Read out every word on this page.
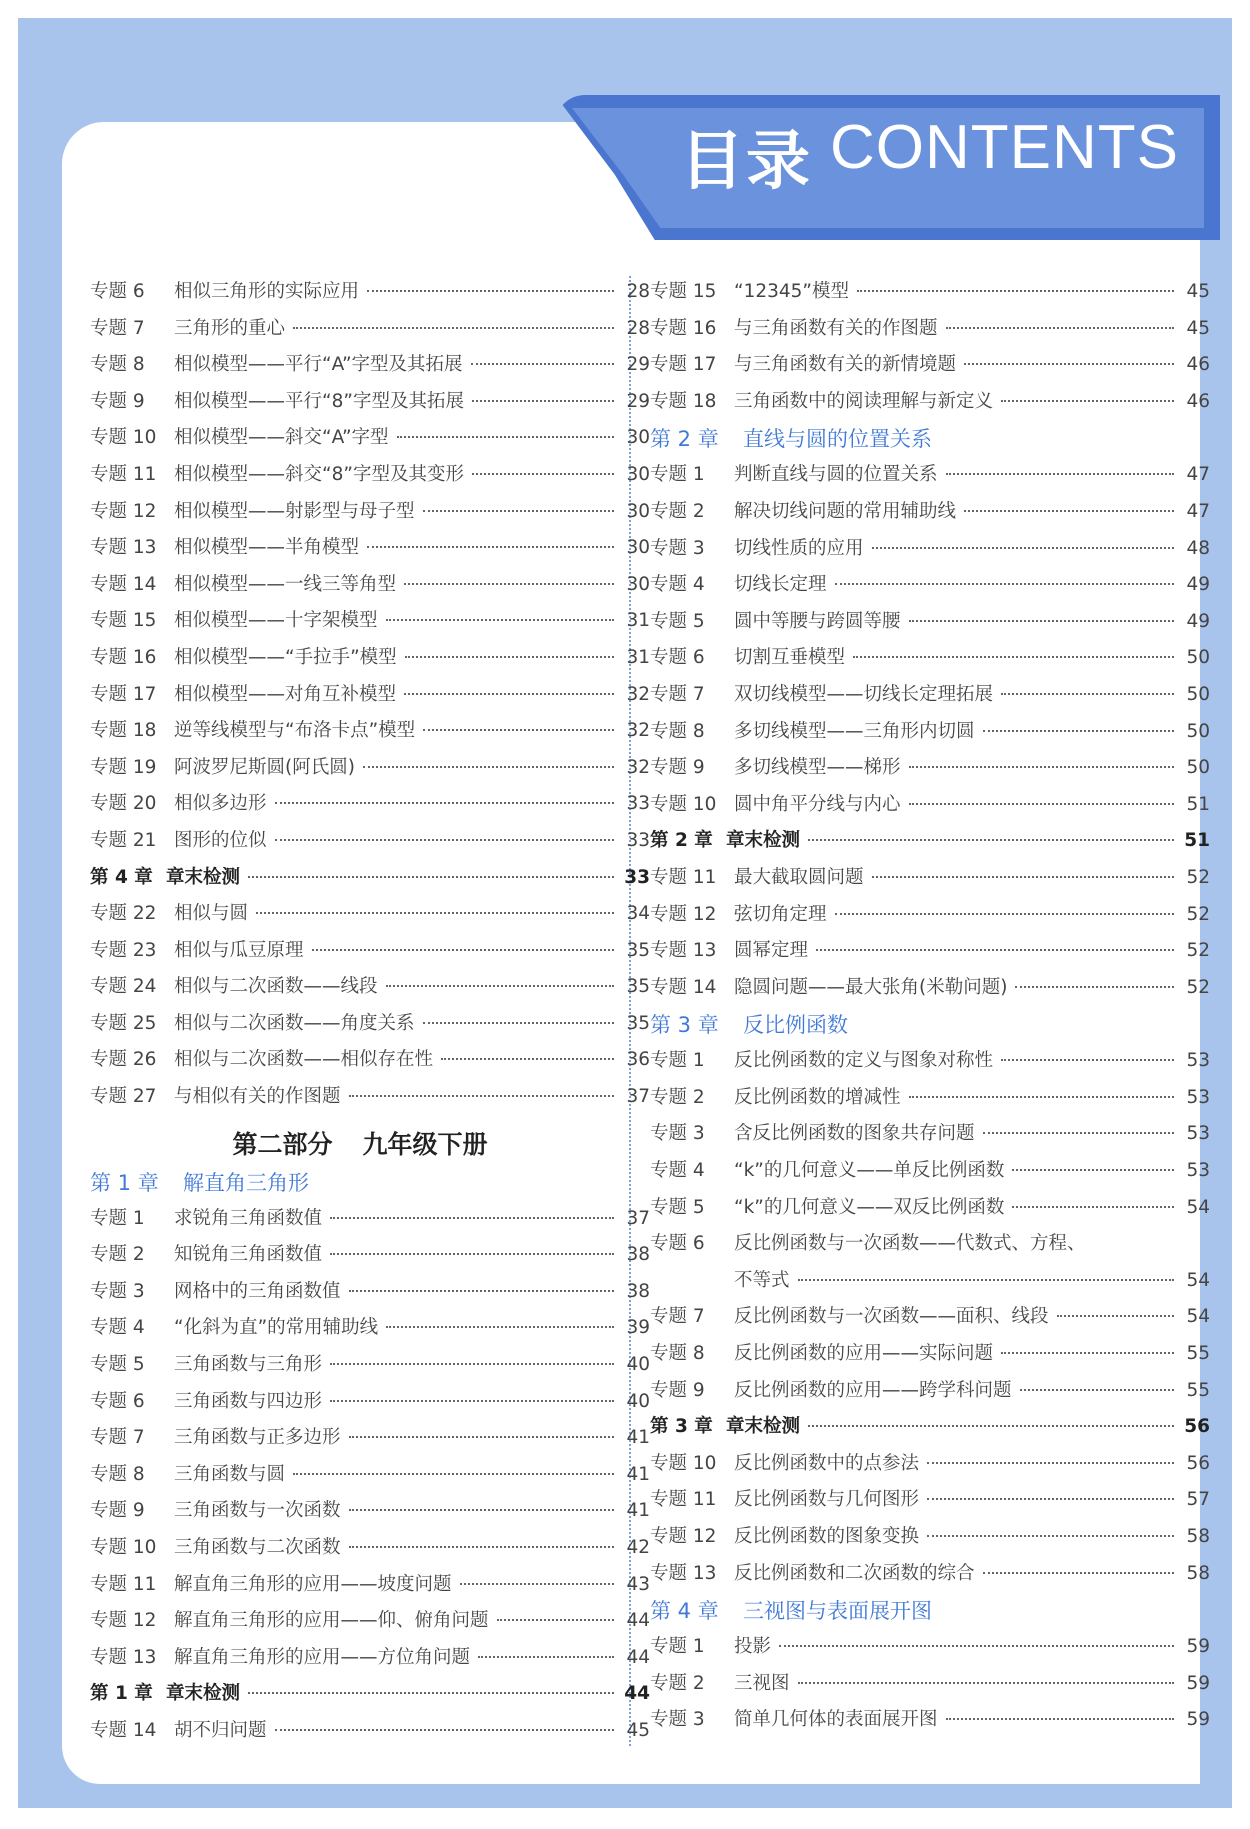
目录 CONTENTS
专题 6	相似三角形的实际应用	28
专题 7	三角形的重心	28
专题 8	相似模型——平行“A”字型及其拓展	29
专题 9	相似模型——平行“8”字型及其拓展	29
专题 10 相似模型——斜交“A”字型	30
专题 11 相似模型——斜交“8”字型及其变形	30
专题 12 相似模型——射影型与母子型	30
专题 13 相似模型——半角模型	30
专题 14 相似模型——一线三等角型	30
专题 15 相似模型——十字架模型	31
专题 16 相似模型——“手拉手”模型	31
专题 17 相似模型——对角互补模型	32
专题 18 逆等线模型与“布洛卡点”模型	32
专题 19 阿波罗尼斯圆(阿氏圆)	32
专题 20 相似多边形	33
专题 21 图形的位似	33
第 4 章 章末检测	33
专题 22 相似与圆	34
专题 23 相似与瓜豆原理	35
专题 24 相似与二次函数——线段	35
专题 25 相似与二次函数——角度关系	35
专题 26 相似与二次函数——相似存在性	36
专题 27 与相似有关的作图题	37
第二部分 九年级下册
第 1 章	解直角三角形
专题 1	求锐角三角函数值	37
专题 2	知锐角三角函数值	38
专题 3	网格中的三角函数值	38
专题 4	“化斜为直”的常用辅助线	39
专题 5	三角函数与三角形	40
专题 6	三角函数与四边形	40
专题 7	三角函数与正多边形	41
专题 8	三角函数与圆	41
专题 9	三角函数与一次函数	41
专题 10 三角函数与二次函数	42
专题 11 解直角三角形的应用——坡度问题	43
专题 12 解直角三角形的应用——仰、俯角问题	44
专题 13 解直角三角形的应用——方位角问题	44
第 1 章 章末检测	44
专题 14 胡不归问题	45
专题 15 “12345”模型	45
专题 16 与三角函数有关的作图题	45
专题 17 与三角函数有关的新情境题	46
专题 18 三角函数中的阅读理解与新定义	46
第 2 章	直线与圆的位置关系
专题 1	判断直线与圆的位置关系	47
专题 2	解决切线问题的常用辅助线	47
专题 3	切线性质的应用	48
专题 4	切线长定理	49
专题 5	圆中等腰与跨圆等腰	49
专题 6	切割互垂模型	50
专题 7	双切线模型——切线长定理拓展	50
专题 8	多切线模型——三角形内切圆	50
专题 9	多切线模型——梯形	50
专题 10 圆中角平分线与内心	51
第 2 章 章末检测	51
专题 11 最大截取圆问题	52
专题 12 弦切角定理	52
专题 13 圆幂定理	52
专题 14 隐圆问题——最大张角(米勒问题)	52
第 3 章	反比例函数
专题 1	反比例函数的定义与图象对称性	53
专题 2	反比例函数的增减性	53
专题 3	含反比例函数的图象共存问题	53
专题 4	“k”的几何意义——单反比例函数	53
专题 5	“k”的几何意义——双反比例函数	54
专题 6	反比例函数与一次函数——代数式、方程、
不等式	54
专题 7	反比例函数与一次函数——面积、线段	54
专题 8	反比例函数的应用——实际问题	55
专题 9	反比例函数的应用——跨学科问题	55
第 3 章 章末检测	56
专题 10 反比例函数中的点参法	56
专题 11 反比例函数与几何图形	57
专题 12 反比例函数的图象变换	58
专题 13 反比例函数和二次函数的综合	58
第 4 章	三视图与表面展开图
专题 1	投影	59
专题 2	三视图	59
专题 3	简单几何体的表面展开图	59
